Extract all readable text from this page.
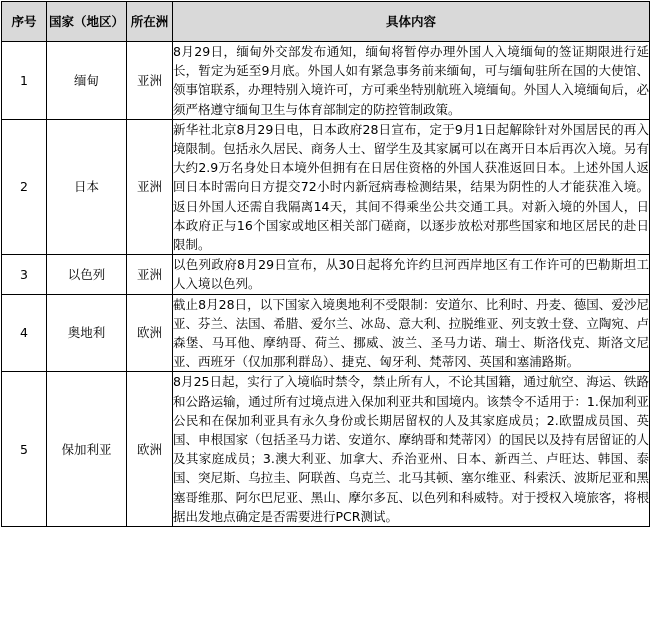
序号	国家（地区）	所在洲	具体内容
1	缅甸	亚洲	8月29日，缅甸外交部发布通知，缅甸将暂停办理外国人入境缅甸的签证期限进行延长，暂定为延至9月底。外国人如有紧急事务前来缅甸，可与缅甸驻所在国的大使馆、领事馆联系，办理特别入境许可，方可乘坐特别航班入境缅甸。外国人入境缅甸后，必须严格遵守缅甸卫生与体育部制定的防控管制政策。
2	日本	亚洲	新华社北京8月29日电，日本政府28日宣布，定于9月1日起解除针对外国居民的再入境限制。包括永久居民、商务人士、留学生及其家属可以在离开日本后再次入境。另有大约2.9万名身处日本境外但拥有在日居住资格的外国人获准返回日本。上述外国人返回日本时需向日方提交72小时内新冠病毒检测结果，结果为阴性的人才能获准入境。返日外国人还需自我隔离14天，其间不得乘坐公共交通工具。对新入境的外国人，日本政府正与16个国家或地区相关部门磋商，以逐步放松对那些国家和地区居民的赴日限制。
3	以色列	亚洲	以色列政府8月29日宣布，从30日起将允许约旦河西岸地区有工作许可的巴勒斯坦工人入境以色列。
4	奥地利	欧洲	截止8月28日，以下国家入境奥地利不受限制：安道尔、比利时、丹麦、德国、爱沙尼亚、芬兰、法国、希腊、爱尔兰、冰岛、意大利、拉脱维亚、列支敦士登、立陶宛、卢森堡、马耳他、摩纳哥、荷兰、挪威、波兰、圣马力诺、瑞士、斯洛伐克、斯洛文尼亚、西班牙（仅加那利群岛）、捷克、匈牙利、梵蒂冈、英国和塞浦路斯。
5	保加利亚	欧洲	8月25日起，实行了入境临时禁令，禁止所有人，不论其国籍，通过航空、海运、铁路和公路运输，通过所有过境点进入保加利亚共和国境内。该禁令不适用于：1.保加利亚公民和在保加利亚具有永久身份或长期居留权的人及其家庭成员；2.欧盟成员国、英国、申根国家（包括圣马力诺、安道尔、摩纳哥和梵蒂冈）的国民以及持有居留证的人及其家庭成员；3.澳大利亚、加拿大、乔治亚州、日本、新西兰、卢旺达、韩国、泰国、突尼斯、乌拉圭、阿联酋、乌克兰、北马其顿、塞尔维亚、科索沃、波斯尼亚和黑塞哥维那、阿尔巴尼亚、黑山、摩尔多瓦、以色列和科威特。对于授权入境旅客，将根据出发地点确定是否需要进行PCR测试。
